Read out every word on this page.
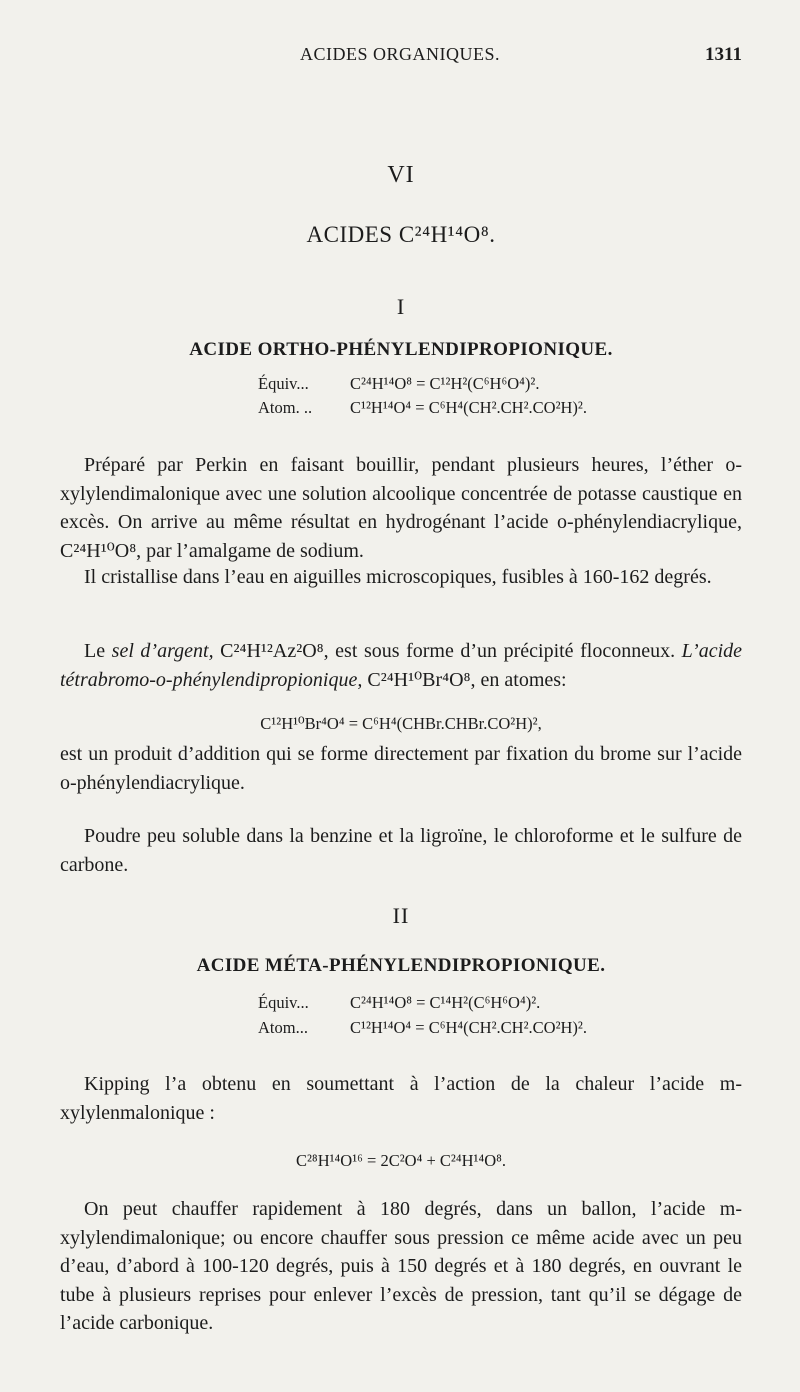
ACIDES ORGANIQUES.	1311
VI
ACIDES C²⁴H¹⁴O⁸.
I
ACIDE ORTHO-PHÉNYLENDIPROPIONIQUE.
Équiv...	C²⁴H¹⁴O⁸ = C¹²H²(C⁶H⁶O⁴)².
Atom. .. C¹²H¹⁴O⁴ = C⁶H⁴(CH².CH².CO²H)².
Préparé par Perkin en faisant bouillir, pendant plusieurs heures, l’éther o-xylylendimalonique avec une solution alcoolique concentrée de potasse caustique en excès. On arrive au même résultat en hydrogénant l’acide o-phénylendiacrylique, C²⁴H¹⁰O⁸, par l’amalgame de sodium.
Il cristallise dans l’eau en aiguilles microscopiques, fusibles à 160-162 degrés.
Le sel d’argent, C²⁴H¹²Az²O⁸, est sous forme d’un précipité floconneux. L’acide tétrabromo-o-phénylendipropionique, C²⁴H¹⁰Br⁴O⁸, en atomes:
C¹²H¹⁰Br⁴O⁴ = C⁶H⁴(CHBr.CHBr.CO²H)²,
est un produit d’addition qui se forme directement par fixation du brome sur l’acide o-phénylendiacrylique.
Poudre peu soluble dans la benzine et la ligroïne, le chloroforme et le sulfure de carbone.
II
ACIDE MÉTA-PHÉNYLENDIPROPIONIQUE.
Équiv...	C²⁴H¹⁴O⁸ = C¹⁴H²(C⁶H⁶O⁴)².
Atom...	C¹²H¹⁴O⁴ = C⁶H⁴(CH².CH².CO²H)².
Kipping l’a obtenu en soumettant à l’action de la chaleur l’acide m-xylylenmalonique :
C²⁸H¹⁴O¹⁶ = 2C²O⁴ + C²⁴H¹⁴O⁸.
On peut chauffer rapidement à 180 degrés, dans un ballon, l’acide m-xylylendimalonique; ou encore chauffer sous pression ce même acide avec un peu d’eau, d’abord à 100-120 degrés, puis à 150 degrés et à 180 degrés, en ouvrant le tube à plusieurs reprises pour enlever l’excès de pression, tant qu’il se dégage de l’acide carbonique.
